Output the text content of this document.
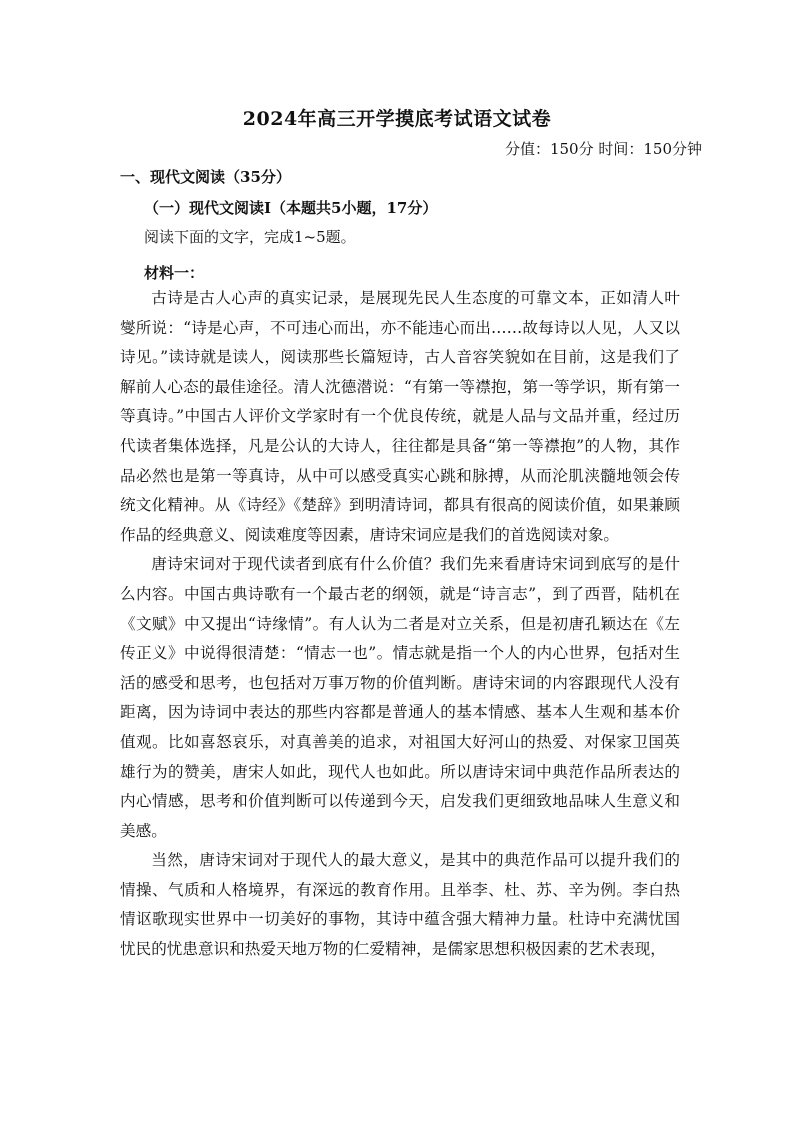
2024年高三开学摸底考试语文试卷
分值：150分 时间：150分钟
一、现代文阅读（35分）
（一）现代文阅读Ⅰ（本题共5小题，17分）
阅读下面的文字，完成1~5题。
材料一：

古诗是古人心声的真实记录，是展现先民人生态度的可靠文本，正如清人叶燮所说：“诗是心声，不可违心而出，亦不能违心而出……故每诗以人见，人又以诗见。”读诗就是读人，阅读那些长篇短诗，古人音容笑貌如在目前，这是我们了解前人心态的最佳途径。清人沈德潜说：“有第一等襟抱，第一等学识，斯有第一等真诗。”中国古人评价文学家时有一个优良传统，就是人品与文品并重，经过历代读者集体选择，凡是公认的大诗人，往往都是具备“第一等襟抱”的人物，其作品必然也是第一等真诗，从中可以感受真实心跳和脉搏，从而沦肌浃髓地领会传统文化精神。从《诗经》《楚辞》到明清诗词，都具有很高的阅读价值，如果兼顾作品的经典意义、阅读难度等因素，唐诗宋词应是我们的首选阅读对象。

唐诗宋词对于现代读者到底有什么价值？我们先来看唐诗宋词到底写的是什么内容。中国古典诗歌有一个最古老的纲领，就是“诗言志”，到了西晋，陆机在《文赋》中又提出“诗缘情”。有人认为二者是对立关系，但是初唐孔颖达在《左传正义》中说得很清楚：“情志一也”。情志就是指一个人的内心世界，包括对生活的感受和思考，也包括对万事万物的价值判断。唐诗宋词的内容跟现代人没有距离，因为诗词中表达的那些内容都是普通人的基本情感、基本人生观和基本价值观。比如喜怒哀乐，对真善美的追求，对祖国大好河山的热爱、对保家卫国英雄行为的赞美，唐宋人如此，现代人也如此。所以唐诗宋词中典范作品所表达的内心情感，思考和价值判断可以传递到今天，启发我们更细致地品味人生意义和美感。

当然，唐诗宋词对于现代人的最大意义，是其中的典范作品可以提升我们的情操、气质和人格境界，有深远的教育作用。且举李、杜、苏、辛为例。李白热情讴歌现实世界中一切美好的事物，其诗中蕴含强大精神力量。杜诗中充满忧国忧民的忧患意识和热爱天地万物的仁爱精神，是儒家思想积极因素的艺术表现，
